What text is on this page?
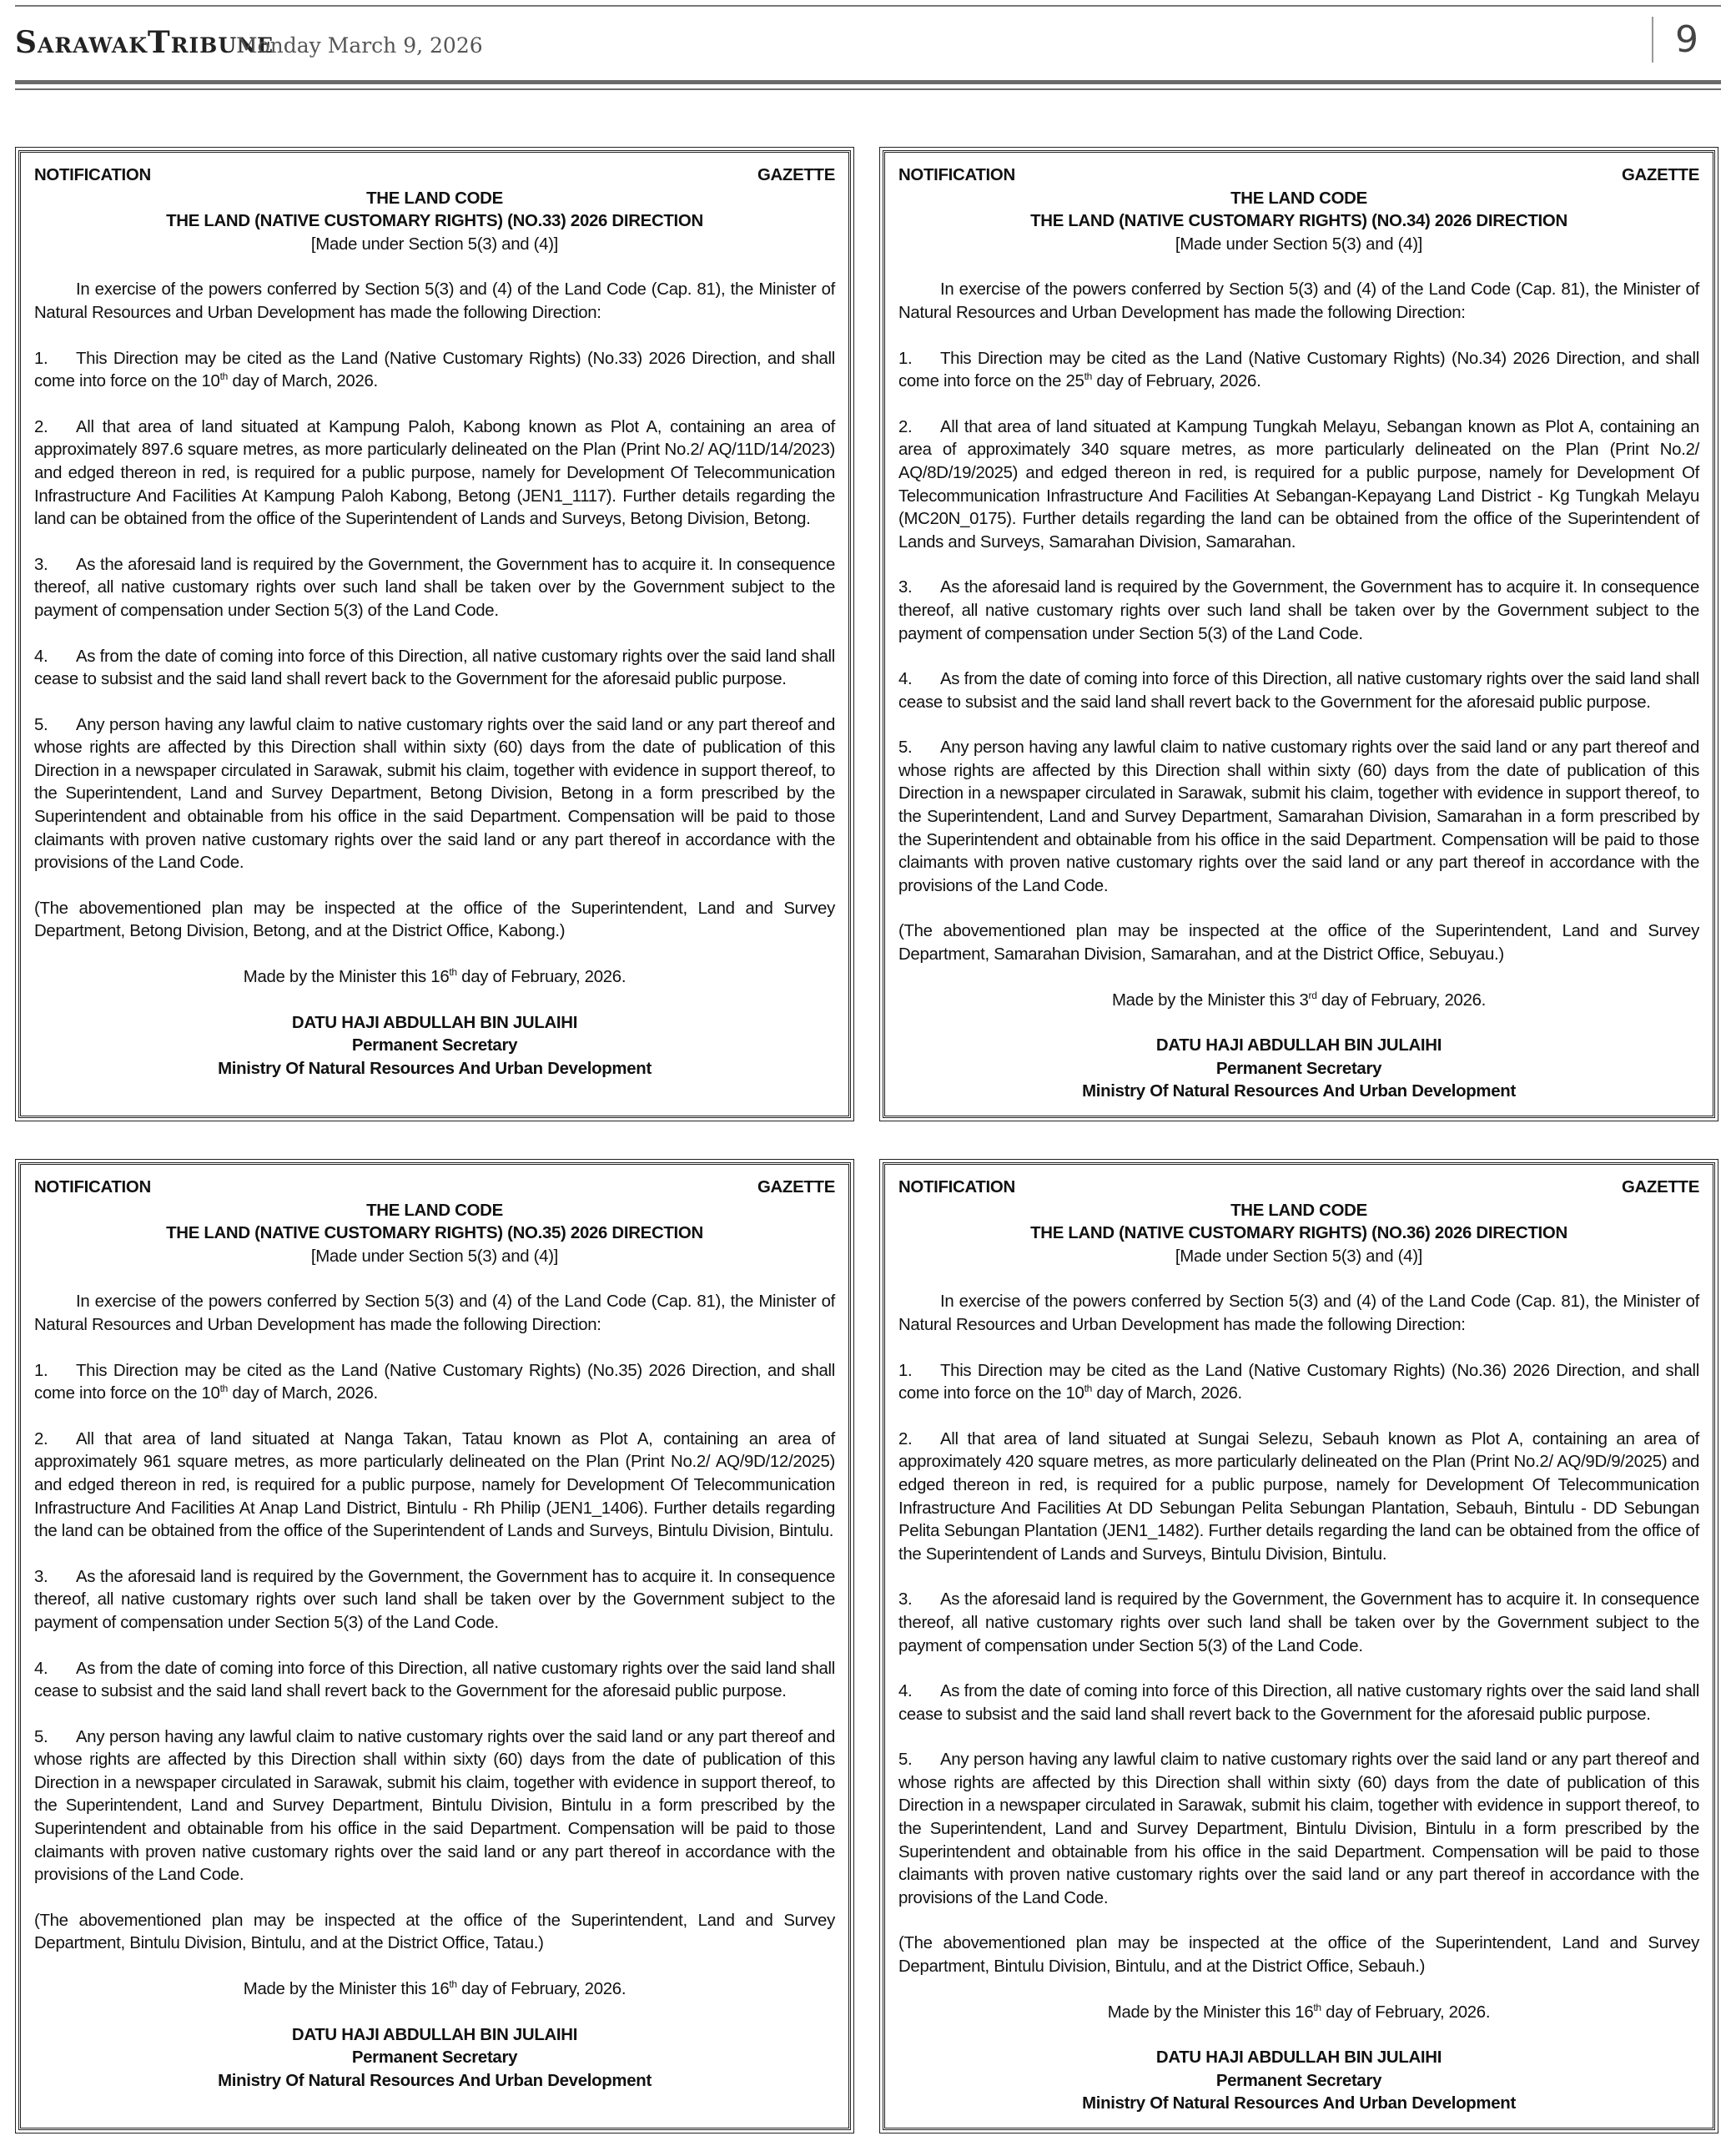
SarawakTribune
Monday March 9, 2026	9
NOTIFICATION	GAZETTE
THE LAND CODE
THE LAND (NATIVE CUSTOMARY RIGHTS) (NO.33) 2026 DIRECTION
[Made under Section 5(3) and (4)]

In exercise of the powers conferred by Section 5(3) and (4) of the Land Code (Cap. 81), the Minister of Natural Resources and Urban Development has made the following Direction:

1. This Direction may be cited as the Land (Native Customary Rights) (No.33) 2026 Direction, and shall come into force on the 10th day of March, 2026.

2. All that area of land situated at Kampung Paloh, Kabong known as Plot A, containing an area of approximately 897.6 square metres, as more particularly delineated on the Plan (Print No.2/ AQ/11D/14/2023) and edged thereon in red, is required for a public purpose, namely for Development Of Telecommunication Infrastructure And Facilities At Kampung Paloh Kabong, Betong (JEN1_1117). Further details regarding the land can be obtained from the office of the Superintendent of Lands and Surveys, Betong Division, Betong.

3. As the aforesaid land is required by the Government, the Government has to acquire it. In consequence thereof, all native customary rights over such land shall be taken over by the Government subject to the payment of compensation under Section 5(3) of the Land Code.

4. As from the date of coming into force of this Direction, all native customary rights over the said land shall cease to subsist and the said land shall revert back to the Government for the aforesaid public purpose.

5. Any person having any lawful claim to native customary rights over the said land or any part thereof and whose rights are affected by this Direction shall within sixty (60) days from the date of publication of this Direction in a newspaper circulated in Sarawak, submit his claim, together with evidence in support thereof, to the Superintendent, Land and Survey Department, Betong Division, Betong in a form prescribed by the Superintendent and obtainable from his office in the said Department. Compensation will be paid to those claimants with proven native customary rights over the said land or any part thereof in accordance with the provisions of the Land Code.

(The abovementioned plan may be inspected at the office of the Superintendent, Land and Survey Department, Betong Division, Betong, and at the District Office, Kabong.)

Made by the Minister this 16th day of February, 2026.
DATU HAJI ABDULLAH BIN JULAIHI
Permanent Secretary
Ministry Of Natural Resources And Urban Development
NOTIFICATION	GAZETTE
THE LAND CODE
THE LAND (NATIVE CUSTOMARY RIGHTS) (NO.34) 2026 DIRECTION
[Made under Section 5(3) and (4)]

In exercise of the powers conferred by Section 5(3) and (4) of the Land Code (Cap. 81), the Minister of Natural Resources and Urban Development has made the following Direction:

1. This Direction may be cited as the Land (Native Customary Rights) (No.34) 2026 Direction, and shall come into force on the 25th day of February, 2026.

2. All that area of land situated at Kampung Tungkah Melayu, Sebangan known as Plot A, containing an area of approximately 340 square metres, as more particularly delineated on the Plan (Print No.2/ AQ/8D/19/2025) and edged thereon in red, is required for a public purpose, namely for Development Of Telecommunication Infrastructure And Facilities At Sebangan-Kepayang Land District - Kg Tungkah Melayu (MC20N_0175). Further details regarding the land can be obtained from the office of the Superintendent of Lands and Surveys, Samarahan Division, Samarahan.

3. As the aforesaid land is required by the Government, the Government has to acquire it. In consequence thereof, all native customary rights over such land shall be taken over by the Government subject to the payment of compensation under Section 5(3) of the Land Code.

4. As from the date of coming into force of this Direction, all native customary rights over the said land shall cease to subsist and the said land shall revert back to the Government for the aforesaid public purpose.

5. Any person having any lawful claim to native customary rights over the said land or any part thereof and whose rights are affected by this Direction shall within sixty (60) days from the date of publication of this Direction in a newspaper circulated in Sarawak, submit his claim, together with evidence in support thereof, to the Superintendent, Land and Survey Department, Samarahan Division, Samarahan in a form prescribed by the Superintendent and obtainable from his office in the said Department. Compensation will be paid to those claimants with proven native customary rights over the said land or any part thereof in accordance with the provisions of the Land Code.

(The abovementioned plan may be inspected at the office of the Superintendent, Land and Survey Department, Samarahan Division, Samarahan, and at the District Office, Sebuyau.)

Made by the Minister this 3rd day of February, 2026.
DATU HAJI ABDULLAH BIN JULAIHI
Permanent Secretary
Ministry Of Natural Resources And Urban Development
NOTIFICATION	GAZETTE
THE LAND CODE
THE LAND (NATIVE CUSTOMARY RIGHTS) (NO.35) 2026 DIRECTION
[Made under Section 5(3) and (4)]

In exercise of the powers conferred by Section 5(3) and (4) of the Land Code (Cap. 81), the Minister of Natural Resources and Urban Development has made the following Direction:

1. This Direction may be cited as the Land (Native Customary Rights) (No.35) 2026 Direction, and shall come into force on the 10th day of March, 2026.

2. All that area of land situated at Nanga Takan, Tatau known as Plot A, containing an area of approximately 961 square metres, as more particularly delineated on the Plan (Print No.2/ AQ/9D/12/2025) and edged thereon in red, is required for a public purpose, namely for Development Of Telecommunication Infrastructure And Facilities At Anap Land District, Bintulu - Rh Philip (JEN1_1406). Further details regarding the land can be obtained from the office of the Superintendent of Lands and Surveys, Bintulu Division, Bintulu.

3. As the aforesaid land is required by the Government, the Government has to acquire it. In consequence thereof, all native customary rights over such land shall be taken over by the Government subject to the payment of compensation under Section 5(3) of the Land Code.

4. As from the date of coming into force of this Direction, all native customary rights over the said land shall cease to subsist and the said land shall revert back to the Government for the aforesaid public purpose.

5. Any person having any lawful claim to native customary rights over the said land or any part thereof and whose rights are affected by this Direction shall within sixty (60) days from the date of publication of this Direction in a newspaper circulated in Sarawak, submit his claim, together with evidence in support thereof, to the Superintendent, Land and Survey Department, Bintulu Division, Bintulu in a form prescribed by the Superintendent and obtainable from his office in the said Department. Compensation will be paid to those claimants with proven native customary rights over the said land or any part thereof in accordance with the provisions of the Land Code.

(The abovementioned plan may be inspected at the office of the Superintendent, Land and Survey Department, Bintulu Division, Bintulu, and at the District Office, Tatau.)

Made by the Minister this 16th day of February, 2026.
DATU HAJI ABDULLAH BIN JULAIHI
Permanent Secretary
Ministry Of Natural Resources And Urban Development
NOTIFICATION	GAZETTE
THE LAND CODE
THE LAND (NATIVE CUSTOMARY RIGHTS) (NO.36) 2026 DIRECTION
[Made under Section 5(3) and (4)]

In exercise of the powers conferred by Section 5(3) and (4) of the Land Code (Cap. 81), the Minister of Natural Resources and Urban Development has made the following Direction:

1. This Direction may be cited as the Land (Native Customary Rights) (No.36) 2026 Direction, and shall come into force on the 10th day of March, 2026.

2. All that area of land situated at Sungai Selezu, Sebauh known as Plot A, containing an area of approximately 420 square metres, as more particularly delineated on the Plan (Print No.2/ AQ/9D/9/2025) and edged thereon in red, is required for a public purpose, namely for Development Of Telecommunication Infrastructure And Facilities At DD Sebungan Pelita Sebungan Plantation, Sebauh, Bintulu - DD Sebungan Pelita Sebungan Plantation (JEN1_1482). Further details regarding the land can be obtained from the office of the Superintendent of Lands and Surveys, Bintulu Division, Bintulu.

3. As the aforesaid land is required by the Government, the Government has to acquire it. In consequence thereof, all native customary rights over such land shall be taken over by the Government subject to the payment of compensation under Section 5(3) of the Land Code.

4. As from the date of coming into force of this Direction, all native customary rights over the said land shall cease to subsist and the said land shall revert back to the Government for the aforesaid public purpose.

5. Any person having any lawful claim to native customary rights over the said land or any part thereof and whose rights are affected by this Direction shall within sixty (60) days from the date of publication of this Direction in a newspaper circulated in Sarawak, submit his claim, together with evidence in support thereof, to the Superintendent, Land and Survey Department, Bintulu Division, Bintulu in a form prescribed by the Superintendent and obtainable from his office in the said Department. Compensation will be paid to those claimants with proven native customary rights over the said land or any part thereof in accordance with the provisions of the Land Code.

(The abovementioned plan may be inspected at the office of the Superintendent, Land and Survey Department, Bintulu Division, Bintulu, and at the District Office, Sebauh.)

Made by the Minister this 16th day of February, 2026.
DATU HAJI ABDULLAH BIN JULAIHI
Permanent Secretary
Ministry Of Natural Resources And Urban Development
